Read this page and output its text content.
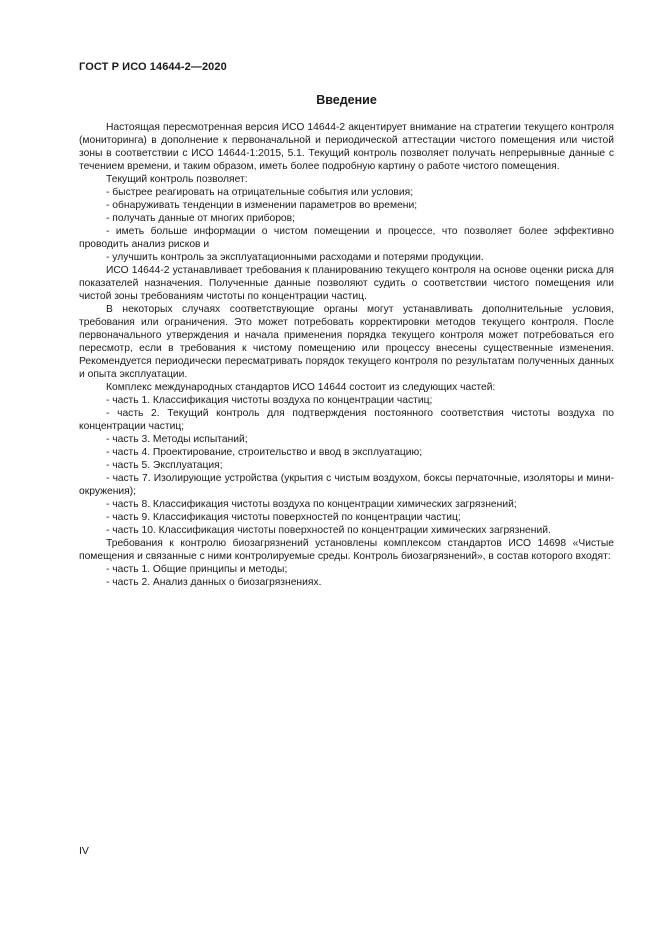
ГОСТ Р ИСО 14644-2—2020
Введение

Настоящая пересмотренная версия ИСО 14644-2 акцентирует внимание на стратегии текущего контроля (мониторинга) в дополнение к первоначальной и периодической аттестации чистого помещения или чистой зоны в соответствии с ИСО 14644-1:2015, 5.1. Текущий контроль позволяет получать непрерывные данные с течением времени, и таким образом, иметь более подробную картину о работе чистого помещения.

Текущий контроль позволяет:

- быстрее реагировать на отрицательные события или условия;

- обнаруживать тенденции в изменении параметров во времени;

- получать данные от многих приборов;

- иметь больше информации о чистом помещении и процессе, что позволяет более эффективно проводить анализ рисков и

- улучшить контроль за эксплуатационными расходами и потерями продукции.

ИСО 14644-2 устанавливает требования к планированию текущего контроля на основе оценки риска для показателей назначения. Полученные данные позволяют судить о соответствии чистого помещения или чистой зоны требованиям чистоты по концентрации частиц.

В некоторых случаях соответствующие органы могут устанавливать дополнительные условия, требования или ограничения. Это может потребовать корректировки методов текущего контроля. После первоначального утверждения и начала применения порядка текущего контроля может потребоваться его пересмотр, если в требования к чистому помещению или процессу внесены существенные изменения. Рекомендуется периодически пересматривать порядок текущего контроля по результатам полученных данных и опыта эксплуатации.

Комплекс международных стандартов ИСО 14644 состоит из следующих частей:

- часть 1. Классификация чистоты воздуха по концентрации частиц;

- часть 2. Текущий контроль для подтверждения постоянного соответствия чистоты воздуха по концентрации частиц;

- часть 3. Методы испытаний;

- часть 4. Проектирование, строительство и ввод в эксплуатацию;

- часть 5. Эксплуатация;

- часть 7. Изолирующие устройства (укрытия с чистым воздухом, боксы перчаточные, изоляторы и мини-окружения);

- часть 8. Классификация чистоты воздуха по концентрации химических загрязнений;

- часть 9. Классификация чистоты поверхностей по концентрации частиц;

- часть 10. Классификация чистоты поверхностей по концентрации химических загрязнений.

Требования к контролю биозагрязнений установлены комплексом стандартов ИСО 14698 «Чистые помещения и связанные с ними контролируемые среды. Контроль биозагрязнений», в состав которого входят:

- часть 1. Общие принципы и методы;

- часть 2. Анализ данных о биозагрязнениях.

IV
